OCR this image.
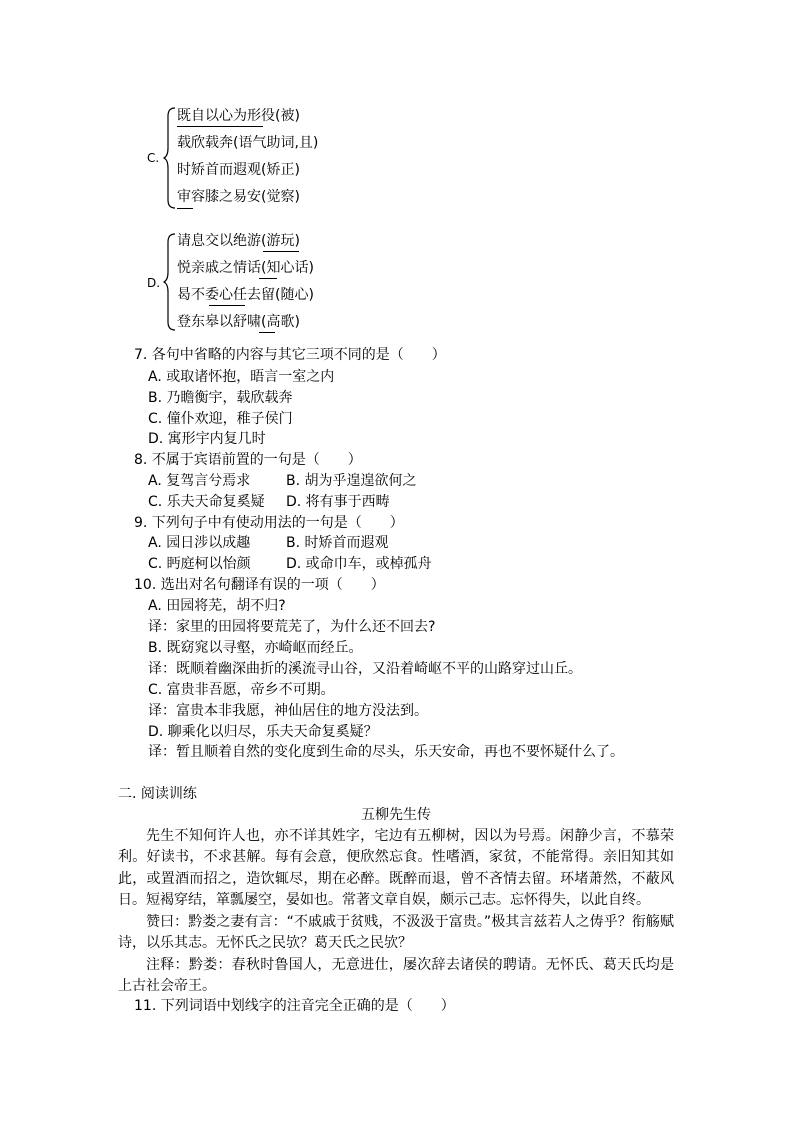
C.
既自以心为形役(被)
载欣载奔(语气助词,且)
时矫首而遐观(矫正)
审容膝之易安(觉察)
D.
请息交以绝游(游玩)
悦亲戚之情话(知心话)
曷不委心任去留(随心)
登东皋以舒啸(高歌)
7. 各句中省略的内容与其它三项不同的是（　　）
A. 或取诸怀抱，晤言一室之内
B. 乃瞻衡宇，载欣载奔
C. 僮仆欢迎，稚子侯门
D. 寓形宇内复几时
8. 不属于宾语前置的一句是（　　）
A. 复驾言兮焉求	B. 胡为乎遑遑欲何之
C. 乐夫天命复奚疑 D. 将有事于西畴
9. 下列句子中有使动用法的一句是（　　）
A. 园日涉以成趣	B. 时矫首而遐观
C. 眄庭柯以怡颜	D. 或命巾车，或棹孤舟
10. 选出对名句翻译有误的一项（　　）
A. 田园将芜，胡不归?
译：家里的田园将要荒芜了，为什么还不回去?
B. 既窈窕以寻壑，亦崎岖而经丘。
译：既顺着幽深曲折的溪流寻山谷，又沿着崎岖不平的山路穿过山丘。
C. 富贵非吾愿，帝乡不可期。
译：富贵本非我愿，神仙居住的地方没法到。
D. 聊乘化以归尽，乐夫天命复奚疑？
译：暂且顺着自然的变化度到生命的尽头，乐天安命，再也不要怀疑什么了。
二. 阅读训练
五柳先生传
先生不知何许人也，亦不详其姓字，宅边有五柳树，因以为号焉。闲静少言，不慕荣利。好读书，不求甚解。每有会意，便欣然忘食。性嗜酒，家贫，不能常得。亲旧知其如此，或置酒而招之，造饮辄尽，期在必醉。既醉而退，曾不吝情去留。环堵萧然，不蔽风日。短褐穿结，箪瓢屡空，晏如也。常著文章自娱，颇示己志。忘怀得失，以此自终。
赞曰：黔娄之妻有言：“不戚戚于贫贱，不汲汲于富贵。”极其言兹若人之俦乎？衔觞赋诗，以乐其志。无怀氏之民欤？葛天氏之民欤？
注释：黔娄：春秋时鲁国人，无意进仕，屡次辞去诸侯的聘请。无怀氏、葛天氏均是上古社会帝王。
11. 下列词语中划线字的注音完全正确的是（　　）
